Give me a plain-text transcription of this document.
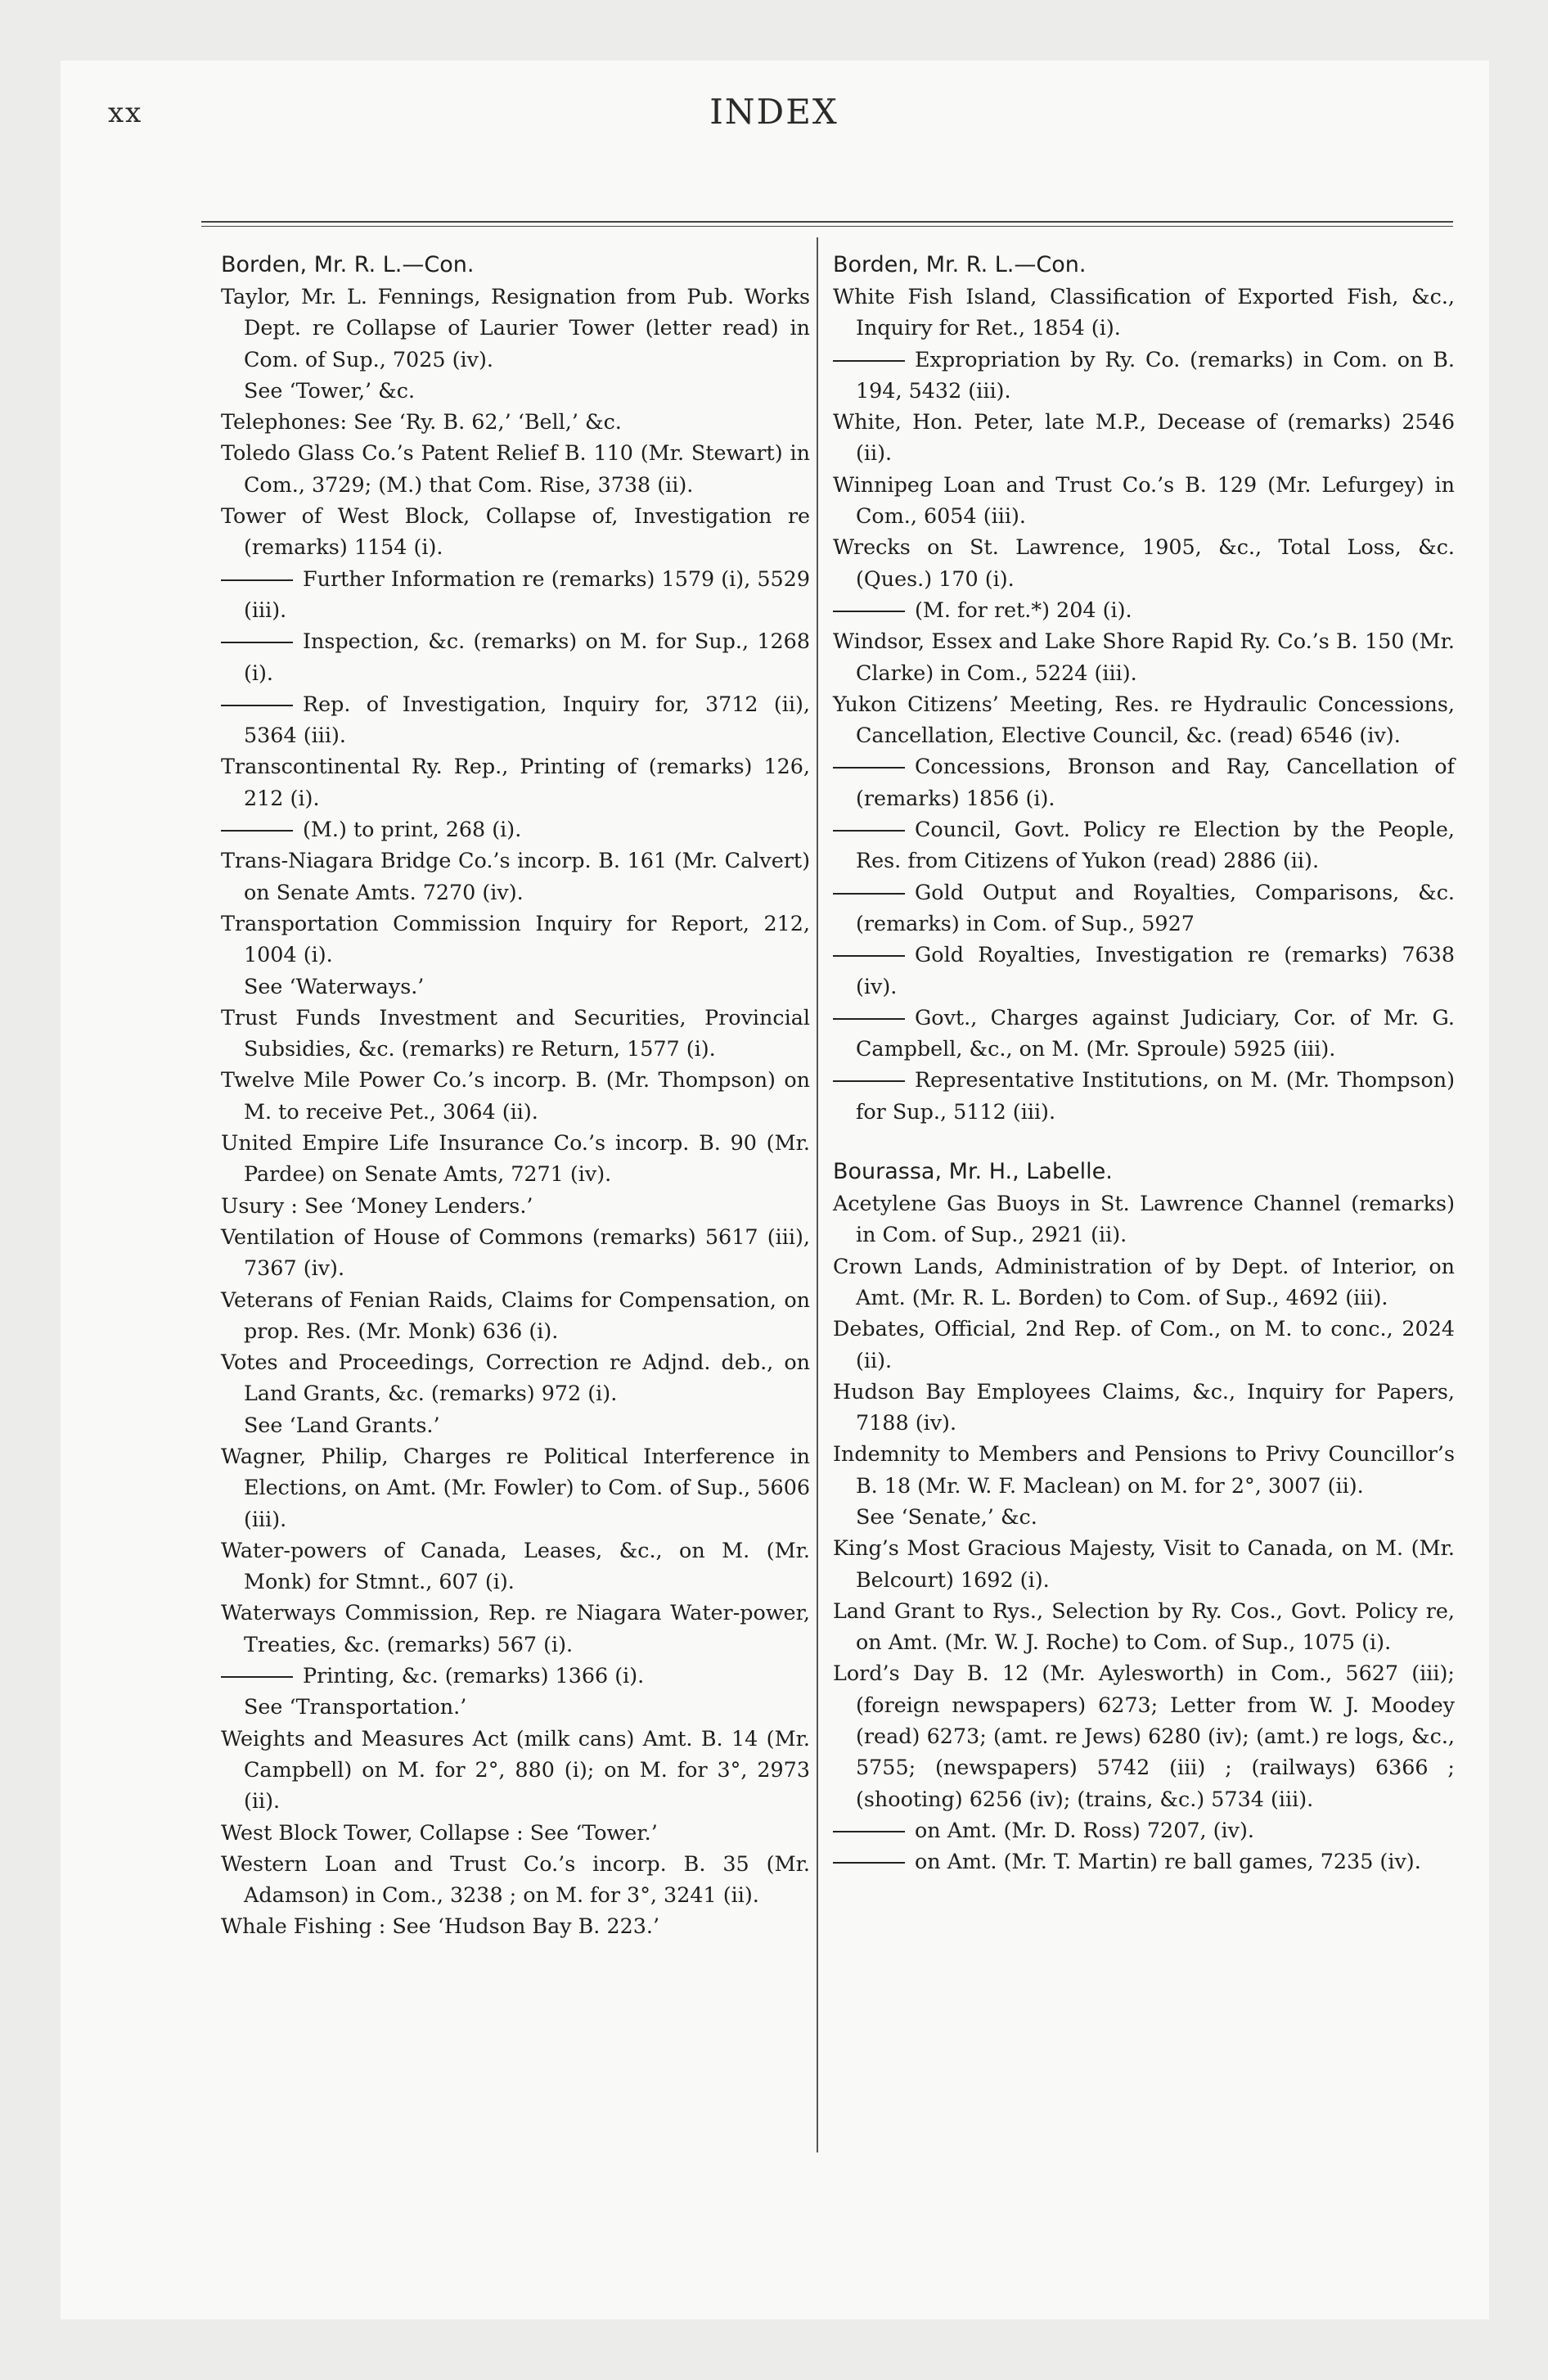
xx	INDEX
Borden, Mr. R. L.—Con.
Taylor, Mr. L. Fennings, Resignation from Pub. Works Dept. re Collapse of Laurier Tower (letter read) in Com. of Sup., 7025 (iv).
See ‘Tower,’ &c.
Telephones: See ‘Ry. B. 62,’ ‘Bell,’ &c.
Toledo Glass Co.’s Patent Relief B. 110 (Mr. Stewart) in Com., 3729; (M.) that Com. Rise, 3738 (ii).
Tower of West Block, Collapse of, Investigation re (remarks) 1154 (i).
Further Information re (remarks) 1579 (i), 5529 (iii).
Inspection, &c. (remarks) on M. for Sup., 1268 (i).
Rep. of Investigation, Inquiry for, 3712 (ii), 5364 (iii).
Transcontinental Ry. Rep., Printing of (remarks) 126, 212 (i).
(M.) to print, 268 (i).
Trans-Niagara Bridge Co.’s incorp. B. 161 (Mr. Calvert) on Senate Amts. 7270 (iv).
Transportation Commission Inquiry for Report, 212, 1004 (i).
See ‘Waterways.’
Trust Funds Investment and Securities, Provincial Subsidies, &c. (remarks) re Return, 1577 (i).
Twelve Mile Power Co.’s incorp. B. (Mr. Thompson) on M. to receive Pet., 3064 (ii).
United Empire Life Insurance Co.’s incorp. B. 90 (Mr. Pardee) on Senate Amts, 7271 (iv).
Usury : See ‘Money Lenders.’
Ventilation of House of Commons (remarks) 5617 (iii), 7367 (iv).
Veterans of Fenian Raids, Claims for Compensation, on prop. Res. (Mr. Monk) 636 (i).
Votes and Proceedings, Correction re Adjnd. deb., on Land Grants, &c. (remarks) 972 (i).
See ‘Land Grants.’
Wagner, Philip, Charges re Political Interference in Elections, on Amt. (Mr. Fowler) to Com. of Sup., 5606 (iii).
Water-powers of Canada, Leases, &c., on M. (Mr. Monk) for Stmnt., 607 (i).
Waterways Commission, Rep. re Niagara Water-power, Treaties, &c. (remarks) 567 (i).
Printing, &c. (remarks) 1366 (i).
See ‘Transportation.’
Weights and Measures Act (milk cans) Amt. B. 14 (Mr. Campbell) on M. for 2°, 880 (i); on M. for 3°, 2973 (ii).
West Block Tower, Collapse : See ‘Tower.’
Western Loan and Trust Co.’s incorp. B. 35 (Mr. Adamson) in Com., 3238 ; on M. for 3°, 3241 (ii).
Whale Fishing : See ‘Hudson Bay B. 223.’
Borden, Mr. R. L.—Con.
White Fish Island, Classification of Exported Fish, &c., Inquiry for Ret., 1854 (i).
Expropriation by Ry. Co. (remarks) in Com. on B. 194, 5432 (iii).
White, Hon. Peter, late M.P., Decease of (remarks) 2546 (ii).
Winnipeg Loan and Trust Co.’s B. 129 (Mr. Lefurgey) in Com., 6054 (iii).
Wrecks on St. Lawrence, 1905, &c., Total Loss, &c. (Ques.) 170 (i).
(M. for ret.*) 204 (i).
Windsor, Essex and Lake Shore Rapid Ry. Co.’s B. 150 (Mr. Clarke) in Com., 5224 (iii).
Yukon Citizens’ Meeting, Res. re Hydraulic Concessions, Cancellation, Elective Council, &c. (read) 6546 (iv).
Concessions, Bronson and Ray, Cancellation of (remarks) 1856 (i).
Council, Govt. Policy re Election by the People, Res. from Citizens of Yukon (read) 2886 (ii).
Gold Output and Royalties, Comparisons, &c. (remarks) in Com. of Sup., 5927
Gold Royalties, Investigation re (remarks) 7638 (iv).
Govt., Charges against Judiciary, Cor. of Mr. G. Campbell, &c., on M. (Mr. Sproule) 5925 (iii).
Representative Institutions, on M. (Mr. Thompson) for Sup., 5112 (iii).
Bourassa, Mr. H., Labelle.
Acetylene Gas Buoys in St. Lawrence Channel (remarks) in Com. of Sup., 2921 (ii).
Crown Lands, Administration of by Dept. of Interior, on Amt. (Mr. R. L. Borden) to Com. of Sup., 4692 (iii).
Debates, Official, 2nd Rep. of Com., on M. to conc., 2024 (ii).
Hudson Bay Employees Claims, &c., Inquiry for Papers, 7188 (iv).
Indemnity to Members and Pensions to Privy Councillor’s B. 18 (Mr. W. F. Maclean) on M. for 2°, 3007 (ii).
See ‘Senate,’ &c.
King’s Most Gracious Majesty, Visit to Canada, on M. (Mr. Belcourt) 1692 (i).
Land Grant to Rys., Selection by Ry. Cos., Govt. Policy re, on Amt. (Mr. W. J. Roche) to Com. of Sup., 1075 (i).
Lord’s Day B. 12 (Mr. Aylesworth) in Com., 5627 (iii); (foreign newspapers) 6273; Letter from W. J. Moodey (read) 6273; (amt. re Jews) 6280 (iv); (amt.) re logs, &c., 5755; (newspapers) 5742 (iii) ; (railways) 6366 ; (shooting) 6256 (iv); (trains, &c.) 5734 (iii).
on Amt. (Mr. D. Ross) 7207, (iv).
on Amt. (Mr. T. Martin) re ball games, 7235 (iv).
